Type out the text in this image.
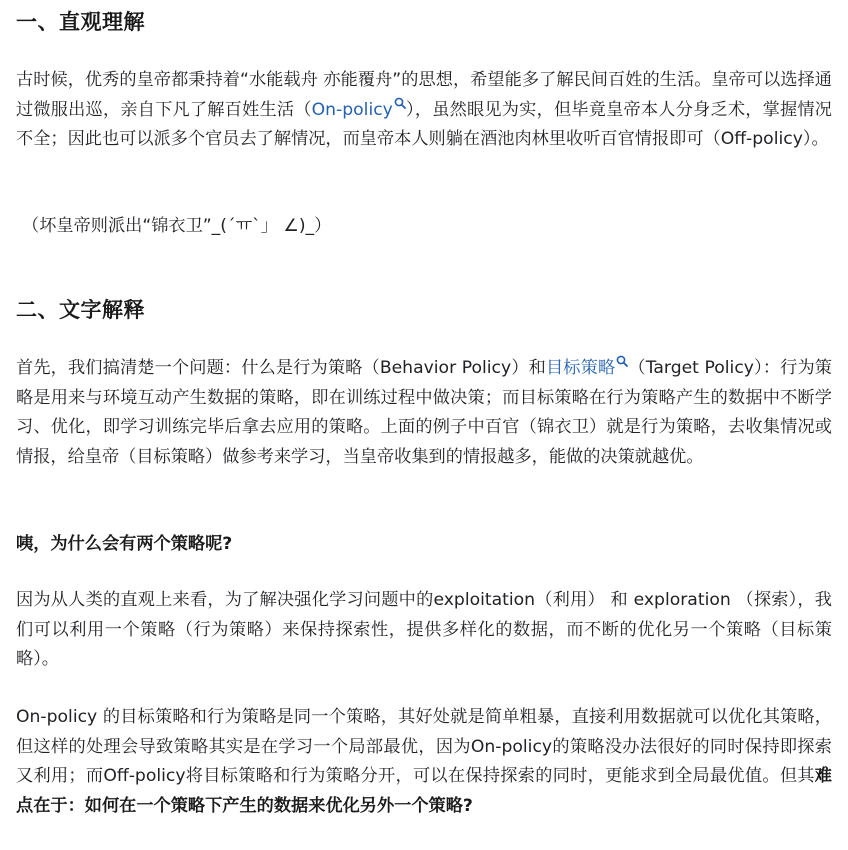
一、直观理解

古时候，优秀的皇帝都秉持着“水能载舟 亦能覆舟”的思想，希望能多了解民间百姓的生活。皇帝可以选择通过微服出巡，亲自下凡了解百姓生活（On-policy ），虽然眼见为实，但毕竟皇帝本人分身乏术，掌握情况不全；因此也可以派多个官员去了解情况，而皇帝本人则躺在酒池肉林里收听百官情报即可（Off-policy）。

（坏皇帝则派出“锦衣卫”_(´ㅠ`」 ∠)_）

二、文字解释

首先，我们搞清楚一个问题：什么是行为策略（Behavior Policy）和目标策略 （Target Policy）：行为策略是用来与环境互动产生数据的策略，即在训练过程中做决策；而目标策略在行为策略产生的数据中不断学习、优化，即学习训练完毕后拿去应用的策略。上面的例子中百官（锦衣卫）就是行为策略，去收集情况或情报，给皇帝（目标策略）做参考来学习，当皇帝收集到的情报越多，能做的决策就越优。

咦，为什么会有两个策略呢?

因为从人类的直观上来看，为了解决强化学习问题中的exploitation（利用） 和 exploration （探索），我们可以利用一个策略（行为策略）来保持探索性，提供多样化的数据，而不断的优化另一个策略（目标策略）。

On-policy 的目标策略和行为策略是同一个策略，其好处就是简单粗暴，直接利用数据就可以优化其策略，但这样的处理会导致策略其实是在学习一个局部最优，因为On-policy的策略没办法很好的同时保持即探索又利用；而Off-policy将目标策略和行为策略分开，可以在保持探索的同时，更能求到全局最优值。但其难点在于：如何在一个策略下产生的数据来优化另外一个策略?
